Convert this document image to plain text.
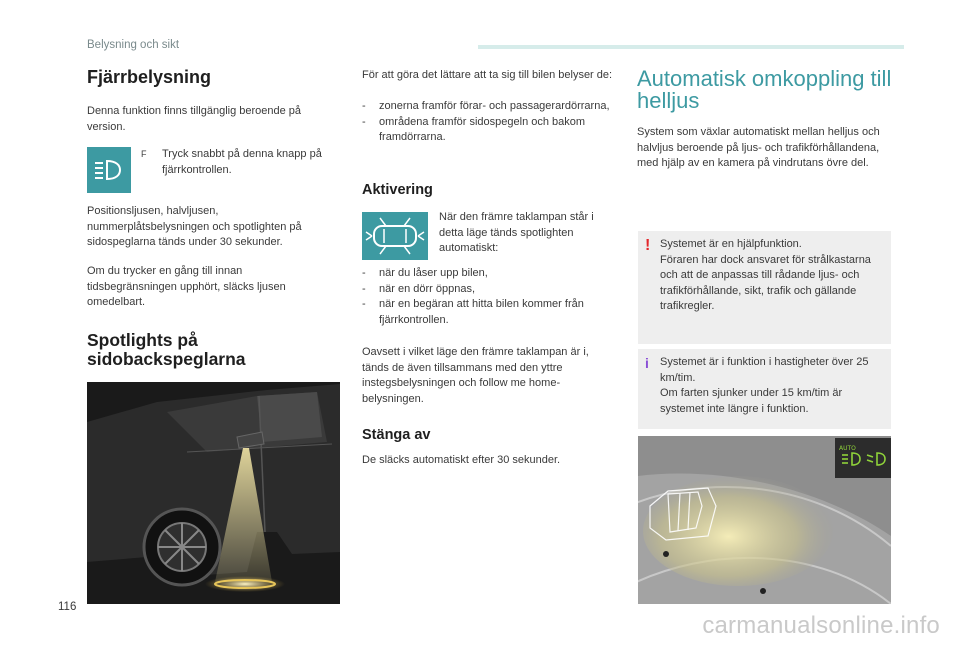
Belysning och sikt
Fjärrbelysning
Denna funktion finns tillgänglig beroende på version.
F Tryck snabbt på denna knapp på fjärrkontrollen.
Positionsljusen, halvljusen, nummerplåtsbelysningen och spotlighten på sidospeglarna tänds under 30 sekunder.
Om du trycker en gång till innan tidsbegränsningen upphört, släcks ljusen omedelbart.
Spotlights på sidobackspeglarna
För att göra det lättare att ta sig till bilen belyser de:
- zonerna framför förar- och passagerardörrarna,
- områdena framför sidospegeln och bakom framdörrarna.
Aktivering
När den främre taklampan står i detta läge tänds spotlighten automatiskt:
- när du låser upp bilen,
- när en dörr öppnas,
- när en begäran att hitta bilen kommer från fjärrkontrollen.
Oavsett i vilket läge den främre taklampan är i, tänds de även tillsammans med den yttre instegsbelysningen och follow me home-belysningen.
Stänga av
De släcks automatiskt efter 30 sekunder.
Automatisk omkoppling till helljus
System som växlar automatiskt mellan helljus och halvljus beroende på ljus- och trafikförhållandena, med hjälp av en kamera på vindrutans övre del.
! Systemet är en hjälpfunktion.
Föraren har dock ansvaret för strålkastarna och att de anpassas till rådande ljus- och trafikförhållande, sikt, trafik och gällande trafikregler.
i Systemet är i funktion i hastigheter över 25 km/tim.
Om farten sjunker under 15 km/tim är systemet inte längre i funktion.
AUTO
116
carmanualsonline.info
